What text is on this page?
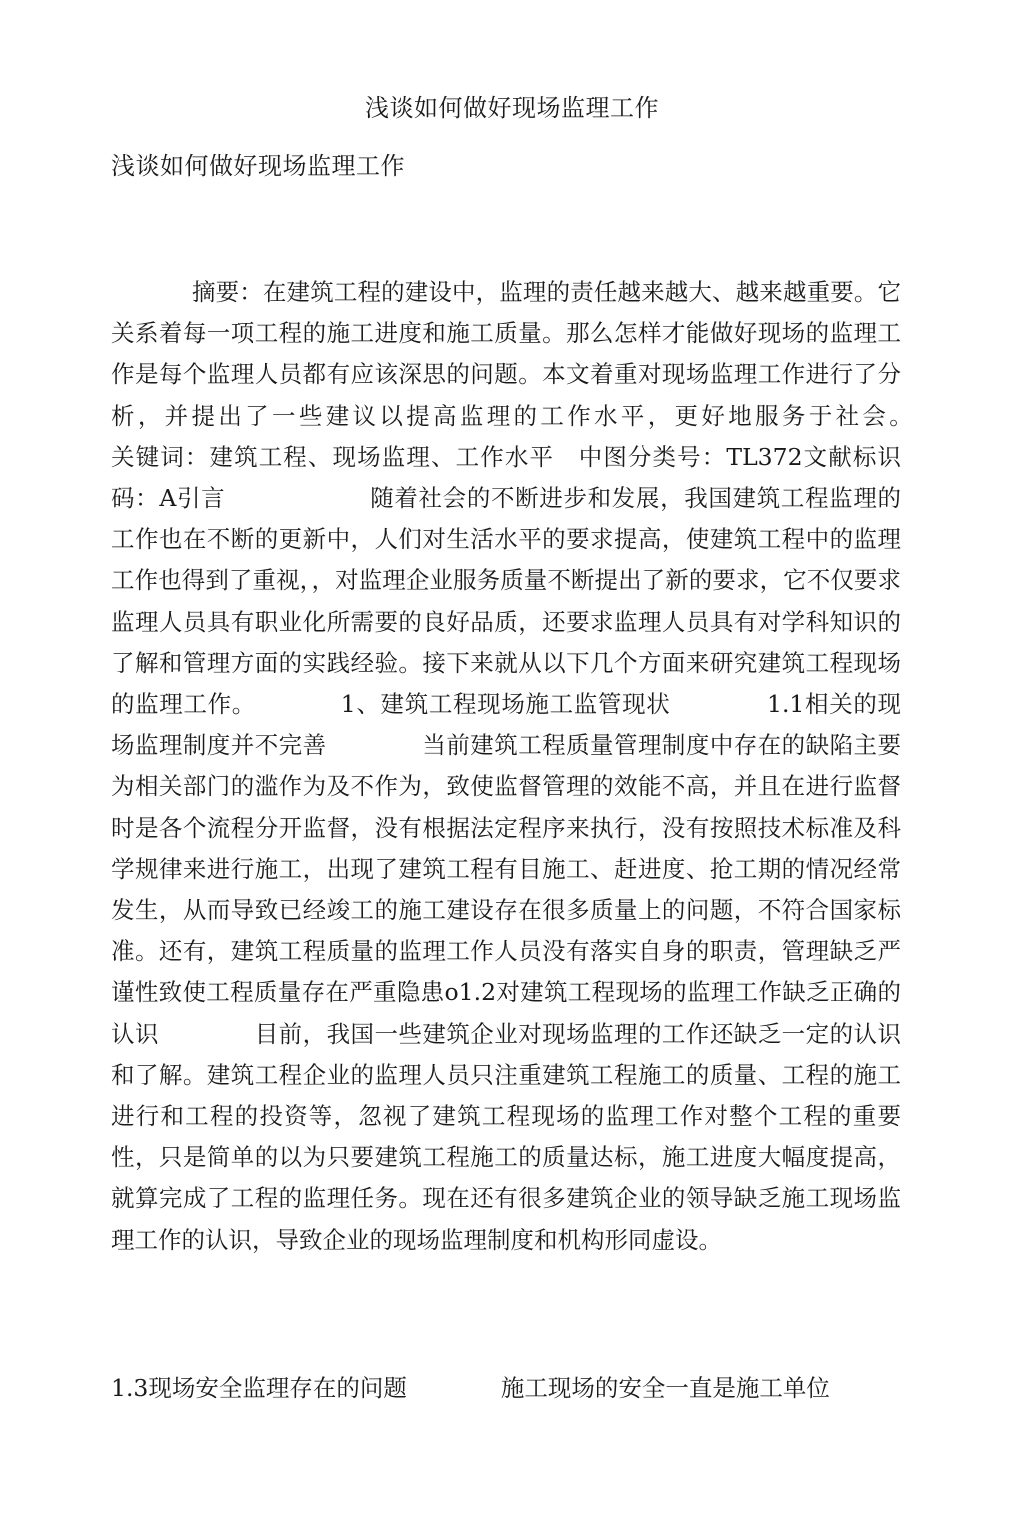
浅谈如何做好现场监理工作
浅谈如何做好现场监理工作

摘要：在建筑工程的建设中，监理的责任越来越大、越来越重要。它关系着每一项工程的施工进度和施工质量。那么怎样才能做好现场的监理工作是每个监理人员都有应该深思的问题。本文着重对现场监理工作进行了分析，并提出了一些建议以提高监理的工作水平，更好地服务于社会。　　　　关键词：建筑工程、现场监理、工作水平　中图分类号：TL372文献标识码：A引言　　　　　　随着社会的不断进步和发展，我国建筑工程监理的工作也在不断的更新中，人们对生活水平的要求提高，使建筑工程中的监理工作也得到了重视，，对监理企业服务质量不断提出了新的要求，它不仅要求监理人员具有职业化所需要的良好品质，还要求监理人员具有对学科知识的了解和管理方面的实践经验。接下来就从以下几个方面来研究建筑工程现场的监理工作。　　　　1、建筑工程现场施工监管现状　　　　1.1相关的现场监理制度并不完善　　　　当前建筑工程质量管理制度中存在的缺陷主要为相关部门的滥作为及不作为，致使监督管理的效能不高，并且在进行监督时是各个流程分开监督，没有根据法定程序来执行，没有按照技术标准及科学规律来进行施工，出现了建筑工程有目施工、赶进度、抢工期的情况经常发生，从而导致已经竣工的施工建设存在很多质量上的问题，不符合国家标准。还有，建筑工程质量的监理工作人员没有落实自身的职责，管理缺乏严谨性致使工程质量存在严重隐患o1.2对建筑工程现场的监理工作缺乏正确的认识　　　　目前，我国一些建筑企业对现场监理的工作还缺乏一定的认识和了解。建筑工程企业的监理人员只注重建筑工程施工的质量、工程的施工进行和工程的投资等，忽视了建筑工程现场的监理工作对整个工程的重要性，只是简单的以为只要建筑工程施工的质量达标，施工进度大幅度提高，就算完成了工程的监理任务。现在还有很多建筑企业的领导缺乏施工现场监理工作的认识，导致企业的现场监理制度和机构形同虚设。

1.3现场安全监理存在的问题　　　　施工现场的安全一直是施工单位
